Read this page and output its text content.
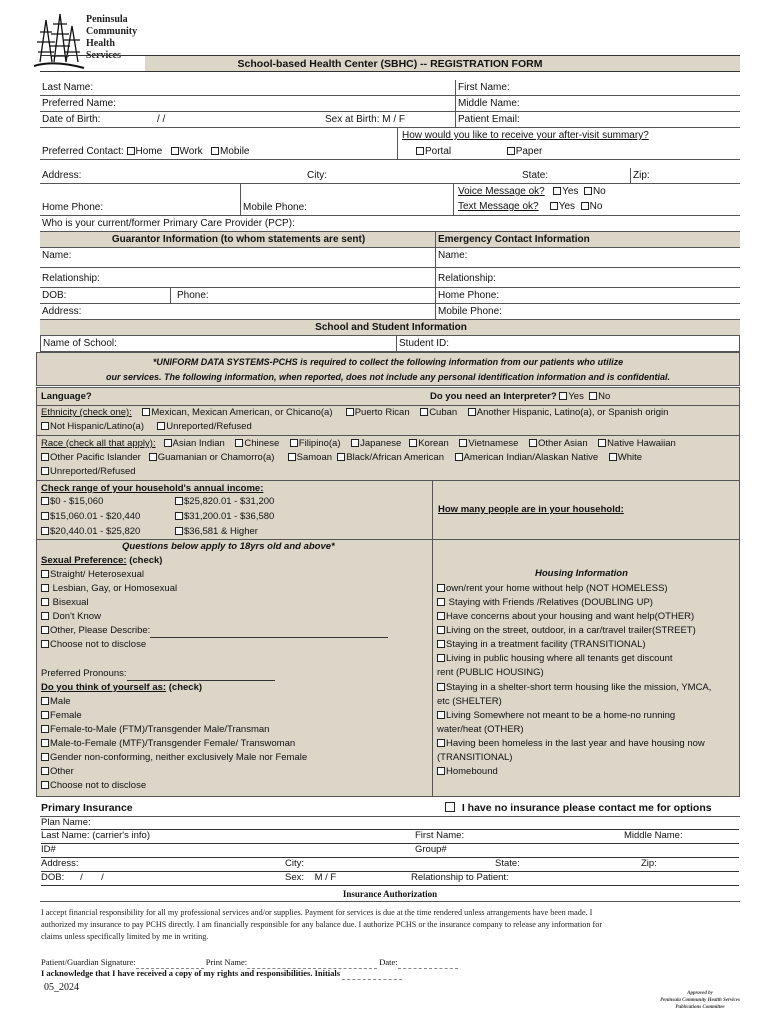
Peninsula
Community
Health
Services
School-based Health Center (SBHC) -- REGISTRATION FORM
Last Name:	First Name:
Preferred Name:	Middle Name:
Date of Birth:	/ /	Sex at Birth: M / F	Patient Email:
Preferred Contact: Home Work Mobile
How would you like to receive your after-visit summary?
Portal	Paper
Address:	City:	State:	Zip:
Home Phone:	Mobile Phone:
Voice Message ok? Yes No
Text Message ok? Yes No
Who is your current/former Primary Care Provider (PCP):
Guarantor Information (to whom statements are sent)	Emergency Contact Information
Name:	Name:
Relationship:	Relationship:
DOB:	Phone:	Home Phone:
Address:	Mobile Phone:
School and Student Information
Name of School:	Student ID:
*UNIFORM DATA SYSTEMS-PCHS is required to collect the following information from our patients who utilize
our services. The following information, when reported, does not include any personal identification information and is confidential.
Language?	Do you need an Interpreter? Yes No
Ethnicity (check one): Mexican, Mexican American, or Chicano(a) Puerto Rican Cuban Another Hispanic, Latino(a), or Spanish origin
Not Hispanic/Latino(a) Unreported/Refused
Race (check all that apply): Asian Indian Chinese Filipino(a) Japanese Korean Vietnamese Other Asian Native Hawaiian
Other Pacific Islander Guamanian or Chamorro(a) Samoan Black/African American American Indian/Alaskan Native White
Unreported/Refused
Check range of your household's annual income:
$0 - $15,060	$25,820.01 - $31,200
$15,060.01 - $20,440	$31,200.01 - $36,580
$20,440.01 - $25,820	$36,581 & Higher
How many people are in your household:
Questions below apply to 18yrs old and above*
Sexual Preference: (check)
Straight/ Heterosexual
Lesbian, Gay, or Homosexual
Bisexual
Don't Know
Other, Please Describe:
Choose not to disclose
Preferred Pronouns:
Do you think of yourself as: (check)
Male
Female
Female-to-Male (FTM)/Transgender Male/Transman
Male-to-Female (MTF)/Transgender Female/ Transwoman
Gender non-conforming, neither exclusively Male nor Female
Other
Choose not to disclose
Housing Information
own/rent your home without help (NOT HOMELESS)
Staying with Friends /Relatives (DOUBLING UP)
Have concerns about your housing and want help(OTHER)
Living on the street, outdoor, in a car/travel trailer(STREET)
Staying in a treatment facility (TRANSITIONAL)
Living in public housing where all tenants get discount
rent (PUBLIC HOUSING)
Staying in a shelter-short term housing like the mission, YMCA,
etc (SHELTER)
Living Somewhere not meant to be a home-no running
water/heat (OTHER)
Having been homeless in the last year and have housing now
(TRANSITIONAL)
Homebound
Primary Insurance	I have no insurance please contact me for options
Plan Name:
Last Name: (carrier's info)	First Name:	Middle Name:
ID#	Group#
Address:	City:	State:	Zip:
DOB:      /       /	Sex: M / F	Relationship to Patient:
Insurance Authorization
I accept financial responsibility for all my professional services and/or supplies. Payment for services is due at the time rendered unless arrangements have been made. I
authorized my insurance to pay PCHS directly. I am financially responsible for any balance due. I authorize PCHS or the insurance company to release any information for
claims unless specifically limited by me in writing.
Patient/Guardian Signature:	Print Name:	Date:
I acknowledge that I have received a copy of my rights and responsibilities. Initials
05_2024
Approved by
Peninsula Community Health Services
Publications Committee
